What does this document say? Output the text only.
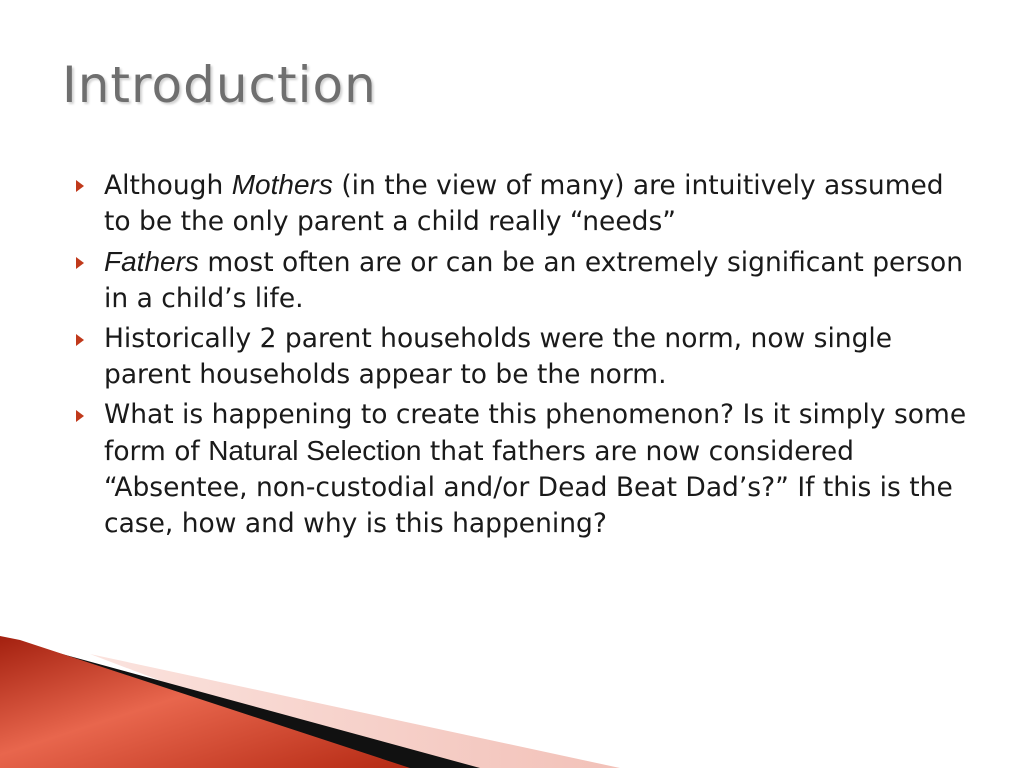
Introduction
Although Mothers (in the view of many) are intuitively assumed to be the only parent a child really “needs”
Fathers most often are or can be an extremely significant person in a child’s life.
Historically 2 parent households were the norm, now single parent households appear to be the norm.
What is happening to create this phenomenon? Is it simply some form of Natural Selection that fathers are now considered “Absentee, non-custodial and/or Dead Beat Dad’s?” If this is the case, how and why is this happening?
